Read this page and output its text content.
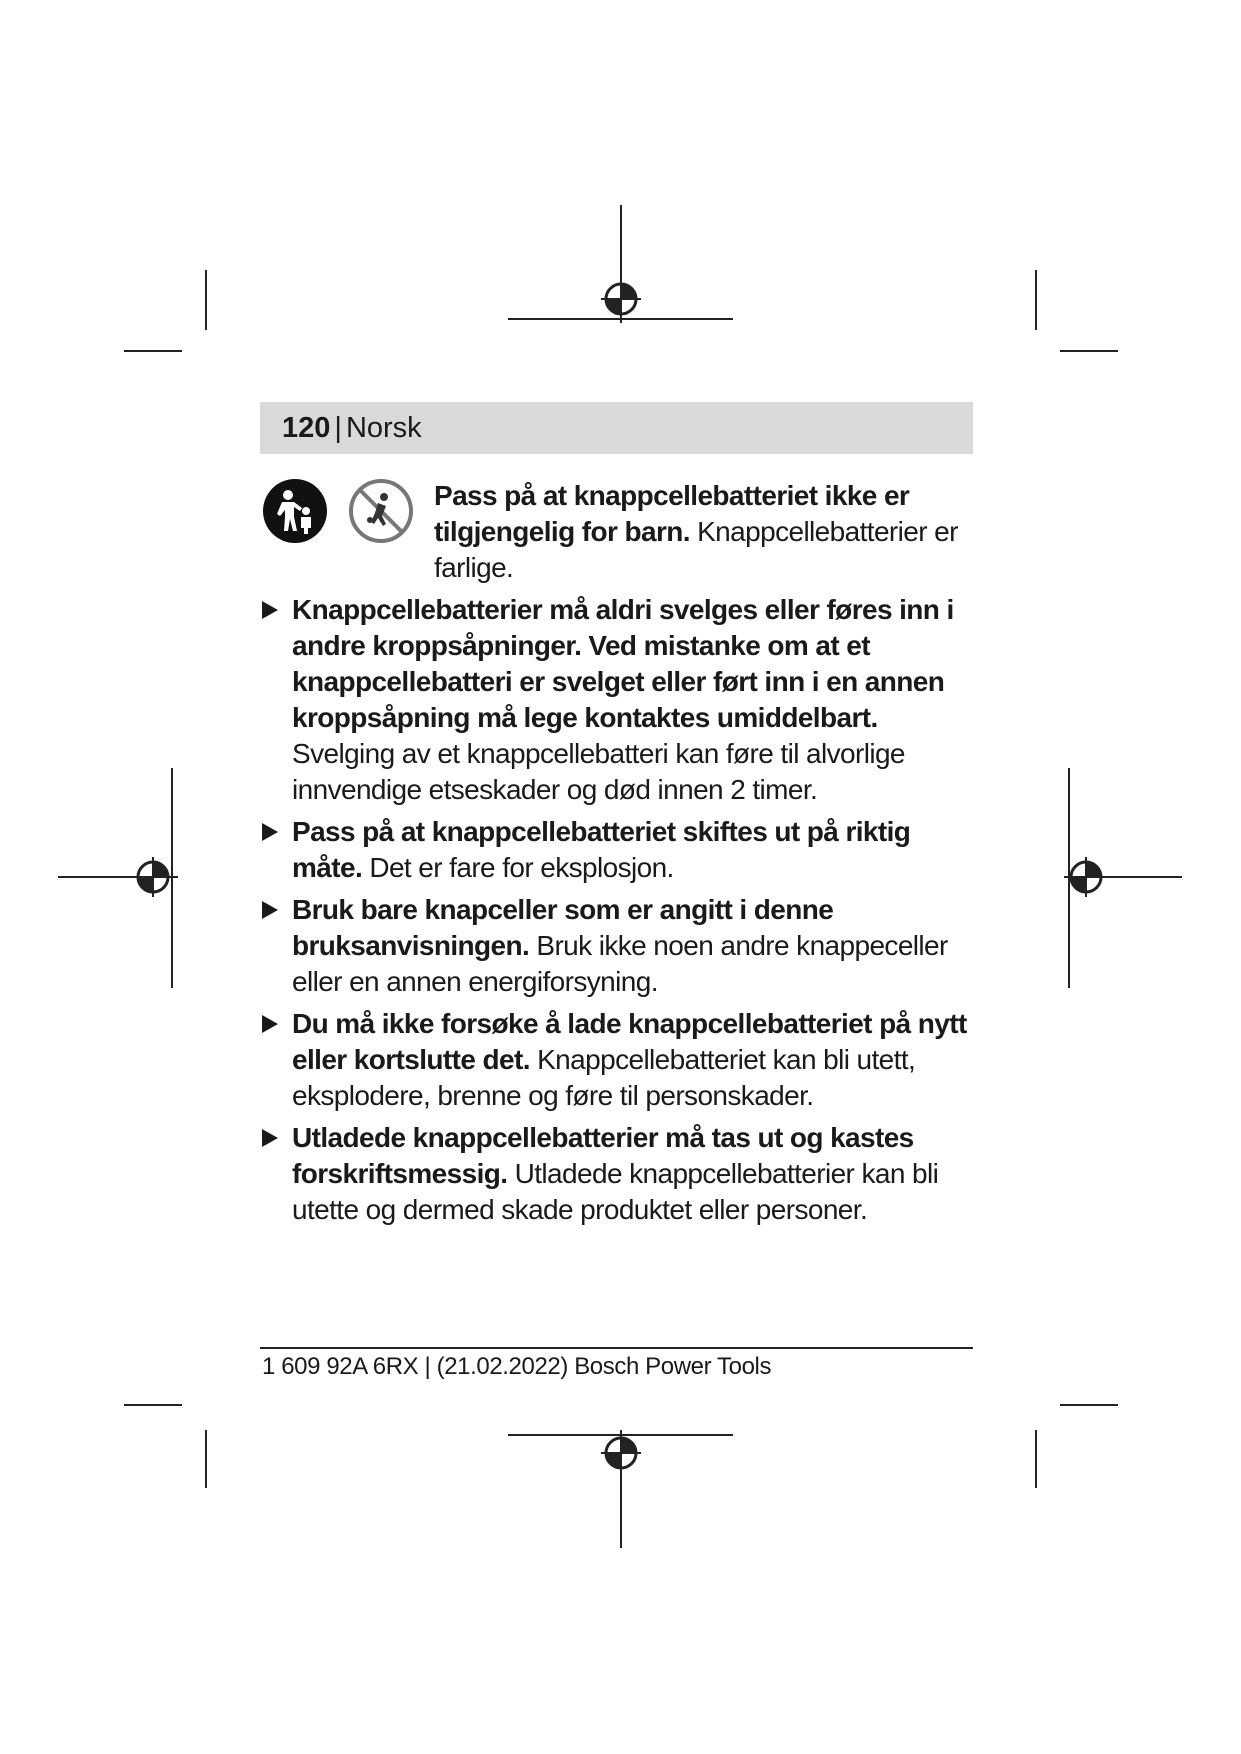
120 | Norsk
Pass på at knappcellebatteriet ikke er tilgjengelig for barn. Knappcellebatterier er farlige.
Knappcellebatterier må aldri svelges eller føres inn i andre kroppsåpninger. Ved mistanke om at et knappcellebatteri er svelget eller ført inn i en annen kroppsåpning må lege kontaktes umiddelbart. Svelging av et knappcellebatteri kan føre til alvorlige innvendige etseskader og død innen 2 timer.
Pass på at knappcellebatteriet skiftes ut på riktig måte. Det er fare for eksplosjon.
Bruk bare knapceller som er angitt i denne bruksanvisningen. Bruk ikke noen andre knappeceller eller en annen energiforsyning.
Du må ikke forsøke å lade knappcellebatteriet på nytt eller kortslutte det. Knappcellebatteriet kan bli utett, eksplodere, brenne og føre til personskader.
Utladede knappcellebatterier må tas ut og kastes forskriftsmessig. Utladede knappcellebatterier kan bli utette og dermed skade produktet eller personer.
1 609 92A 6RX | (21.02.2022) Bosch Power Tools
